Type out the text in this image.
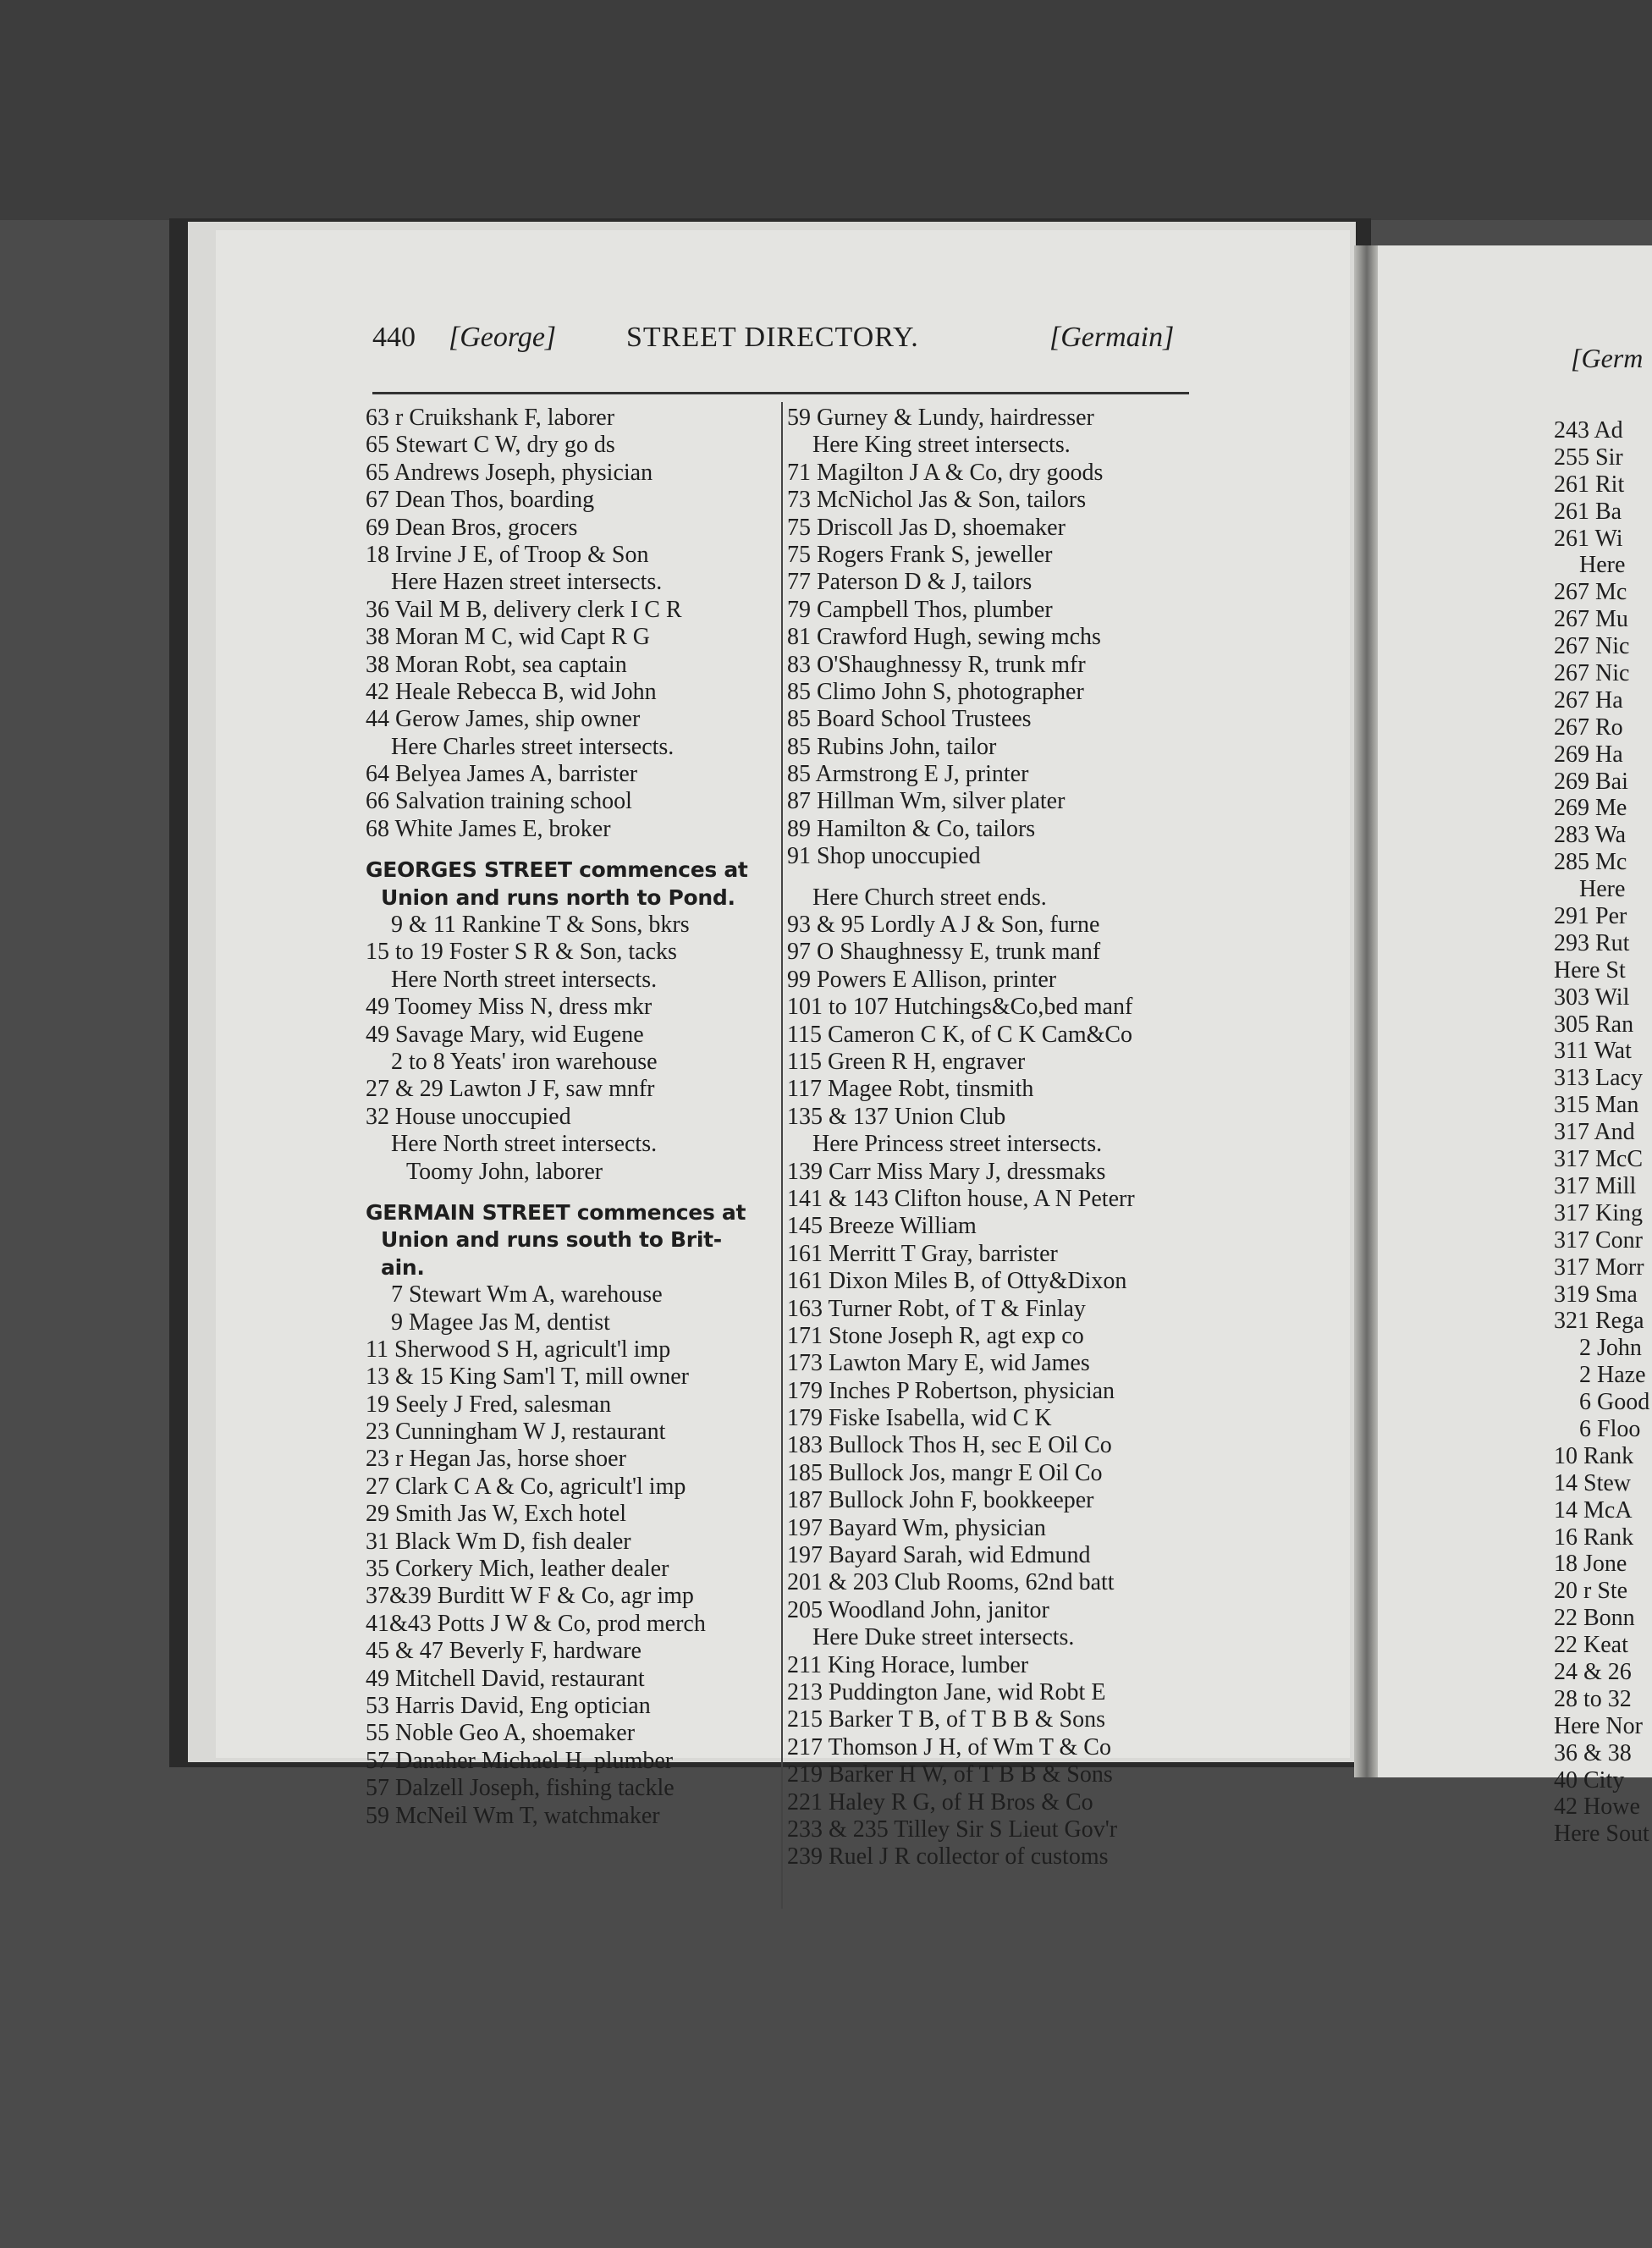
440 [George] STREET DIRECTORY.	[Germain]
63 r Cruikshank F, laborer
65 Stewart C W, dry go ds
65 Andrews Joseph, physician
67 Dean Thos, boarding
69 Dean Bros, grocers
18 Irvine J E, of Troop & Son
Here Hazen street intersects.
36 Vail M B, delivery clerk I C R
38 Moran M C, wid Capt R G
38 Moran Robt, sea captain
42 Heale Rebecca B, wid John
44 Gerow James, ship owner
Here Charles street intersects.
64 Belyea James A, barrister
66 Salvation training school
68 White James E, broker
GEORGES STREET commences at
Union and runs north to Pond.
9 & 11 Rankine T & Sons, bkrs
15 to 19 Foster S R & Son, tacks
Here North street intersects.
49 Toomey Miss N, dress mkr
49 Savage Mary, wid Eugene
2 to 8 Yeats' iron warehouse
27 & 29 Lawton J F, saw mnfr
32 House unoccupied
Here North street intersects.
Toomy John, laborer
GERMAIN STREET commences at
Union and runs south to Brit-
ain.
7 Stewart Wm A, warehouse
9 Magee Jas M, dentist
11 Sherwood S H, agricult'l imp
13 & 15 King Sam'l T, mill owner
19 Seely J Fred, salesman
23 Cunningham W J, restaurant
23 r Hegan Jas, horse shoer
27 Clark C A & Co, agricult'l imp
29 Smith Jas W, Exch hotel
31 Black Wm D, fish dealer
35 Corkery Mich, leather dealer
37&39 Burditt W F & Co, agr imp
41&43 Potts J W & Co, prod merch
45 & 47 Beverly F, hardware
49 Mitchell David, restaurant
53 Harris David, Eng optician
55 Noble Geo A, shoemaker
57 Danaher Michael H, plumber
57 Dalzell Joseph, fishing tackle
59 McNeil Wm T, watchmaker
59 Gurney & Lundy, hairdresser
Here King street intersects.
71 Magilton J A & Co, dry goods
73 McNichol Jas & Son, tailors
75 Driscoll Jas D, shoemaker
75 Rogers Frank S, jeweller
77 Paterson D & J, tailors
79 Campbell Thos, plumber
81 Crawford Hugh, sewing mchs
83 O'Shaughnessy R, trunk mfr
85 Climo John S, photographer
85 Board School Trustees
85 Rubins John, tailor
85 Armstrong E J, printer
87 Hillman Wm, silver plater
89 Hamilton & Co, tailors
91 Shop unoccupied
Here Church street ends.
93 & 95 Lordly A J & Son, furne
97 O Shaughnessy E, trunk manf
99 Powers E Allison, printer
101 to 107 Hutchings&Co,bed manf
115 Cameron C K, of C K Cam&Co
115 Green R H, engraver
117 Magee Robt, tinsmith
135 & 137 Union Club
Here Princess street intersects.
139 Carr Miss Mary J, dressmaks
141 & 143 Clifton house, A N Peterr
145 Breeze William
161 Merritt T Gray, barrister
161 Dixon Miles B, of Otty&Dixon
163 Turner Robt, of T & Finlay
171 Stone Joseph R, agt exp co
173 Lawton Mary E, wid James
179 Inches P Robertson, physician
179 Fiske Isabella, wid C K
183 Bullock Thos H, sec E Oil Co
185 Bullock Jos, mangr E Oil Co
187 Bullock John F, bookkeeper
197 Bayard Wm, physician
197 Bayard Sarah, wid Edmund
201 & 203 Club Rooms, 62nd batt
205 Woodland John, janitor
Here Duke street intersects.
211 King Horace, lumber
213 Puddington Jane, wid Robt E
215 Barker T B, of T B B & Sons
217 Thomson J H, of Wm T & Co
219 Barker H W, of T B B & Sons
221 Haley R G, of H Bros & Co
233 & 235 Tilley Sir S Lieut Gov'r
239 Ruel J R collector of customs
[Germ
243 Ad
255 Sir
261 Rit
261 Ba
261 Wi
Here
267 Mc
267 Mu
267 Nic
267 Nic
267 Ha
267 Ro
269 Ha
269 Bai
269 Me
283 Wa
285 Mc
Here
291 Per
293 Rut
Here St
303 Wil
305 Ran
311 Wat
313 Lacy
315 Man
317 And
317 McC
317 Mill
317 King
317 Conr
317 Morr
319 Sma
321 Rega
2 John
2 Haze
6 Good
6 Floo
10 Rank
14 Stew
14 McA
16 Rank
18 Jone
20 r Ste
22 Bonn
22 Keat
24 & 26
28 to 32
Here Nor
36 & 38
40 City
42 Howe
Here Sout
